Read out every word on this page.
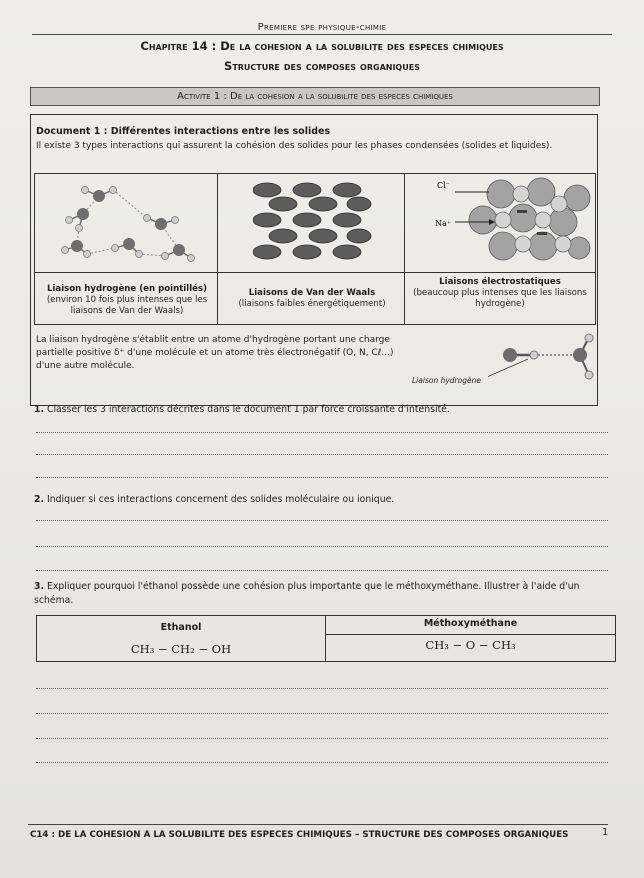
Premiere spe physique-chimie
Chapitre 14 : De la cohesion a la solubilite des especes chimiques
Structure des composes organiques
Activite 1 : De la cohesion a la solubilite des especes chimiques
Document 1 : Différentes interactions entre les solides
Il existe 3 types interactions qui assurent la cohésion des solides pour les phases condensées (solides et liquides).
Cl⁻
Na⁺
Liaison hydrogène (en pointillés)
(environ 10 fois plus intenses que les liaisons de Van der Waals)
Liaisons de Van der Waals
(liaisons faibles énergétiquement)
Liaisons électrostatiques
(beaucoup plus intenses que les liaisons hydrogène)
La liaison hydrogène s'établit entre un atome d'hydrogène portant une charge partielle positive δ⁺ d'une molécule et un atome très électronégatif (O, N, Cℓ...) d'une autre molécule.
Liaison hydrogène
1. Classer les 3 interactions décrites dans le document 1 par force croissante d'intensité.
2. Indiquer si ces interactions concernent des solides moléculaire ou ionique.
3. Expliquer pourquoi l'éthanol possède une cohésion plus importante que le méthoxyméthane. Illustrer à l'aide d'un schéma.
Ethanol	Méthoxyméthane
CH₃ − CH₂ − OH	CH₃ − O − CH₃
C14 : DE LA COHESION A LA SOLUBILITE DES ESPECES CHIMIQUES – STRUCTURE DES COMPOSES ORGANIQUES	1
